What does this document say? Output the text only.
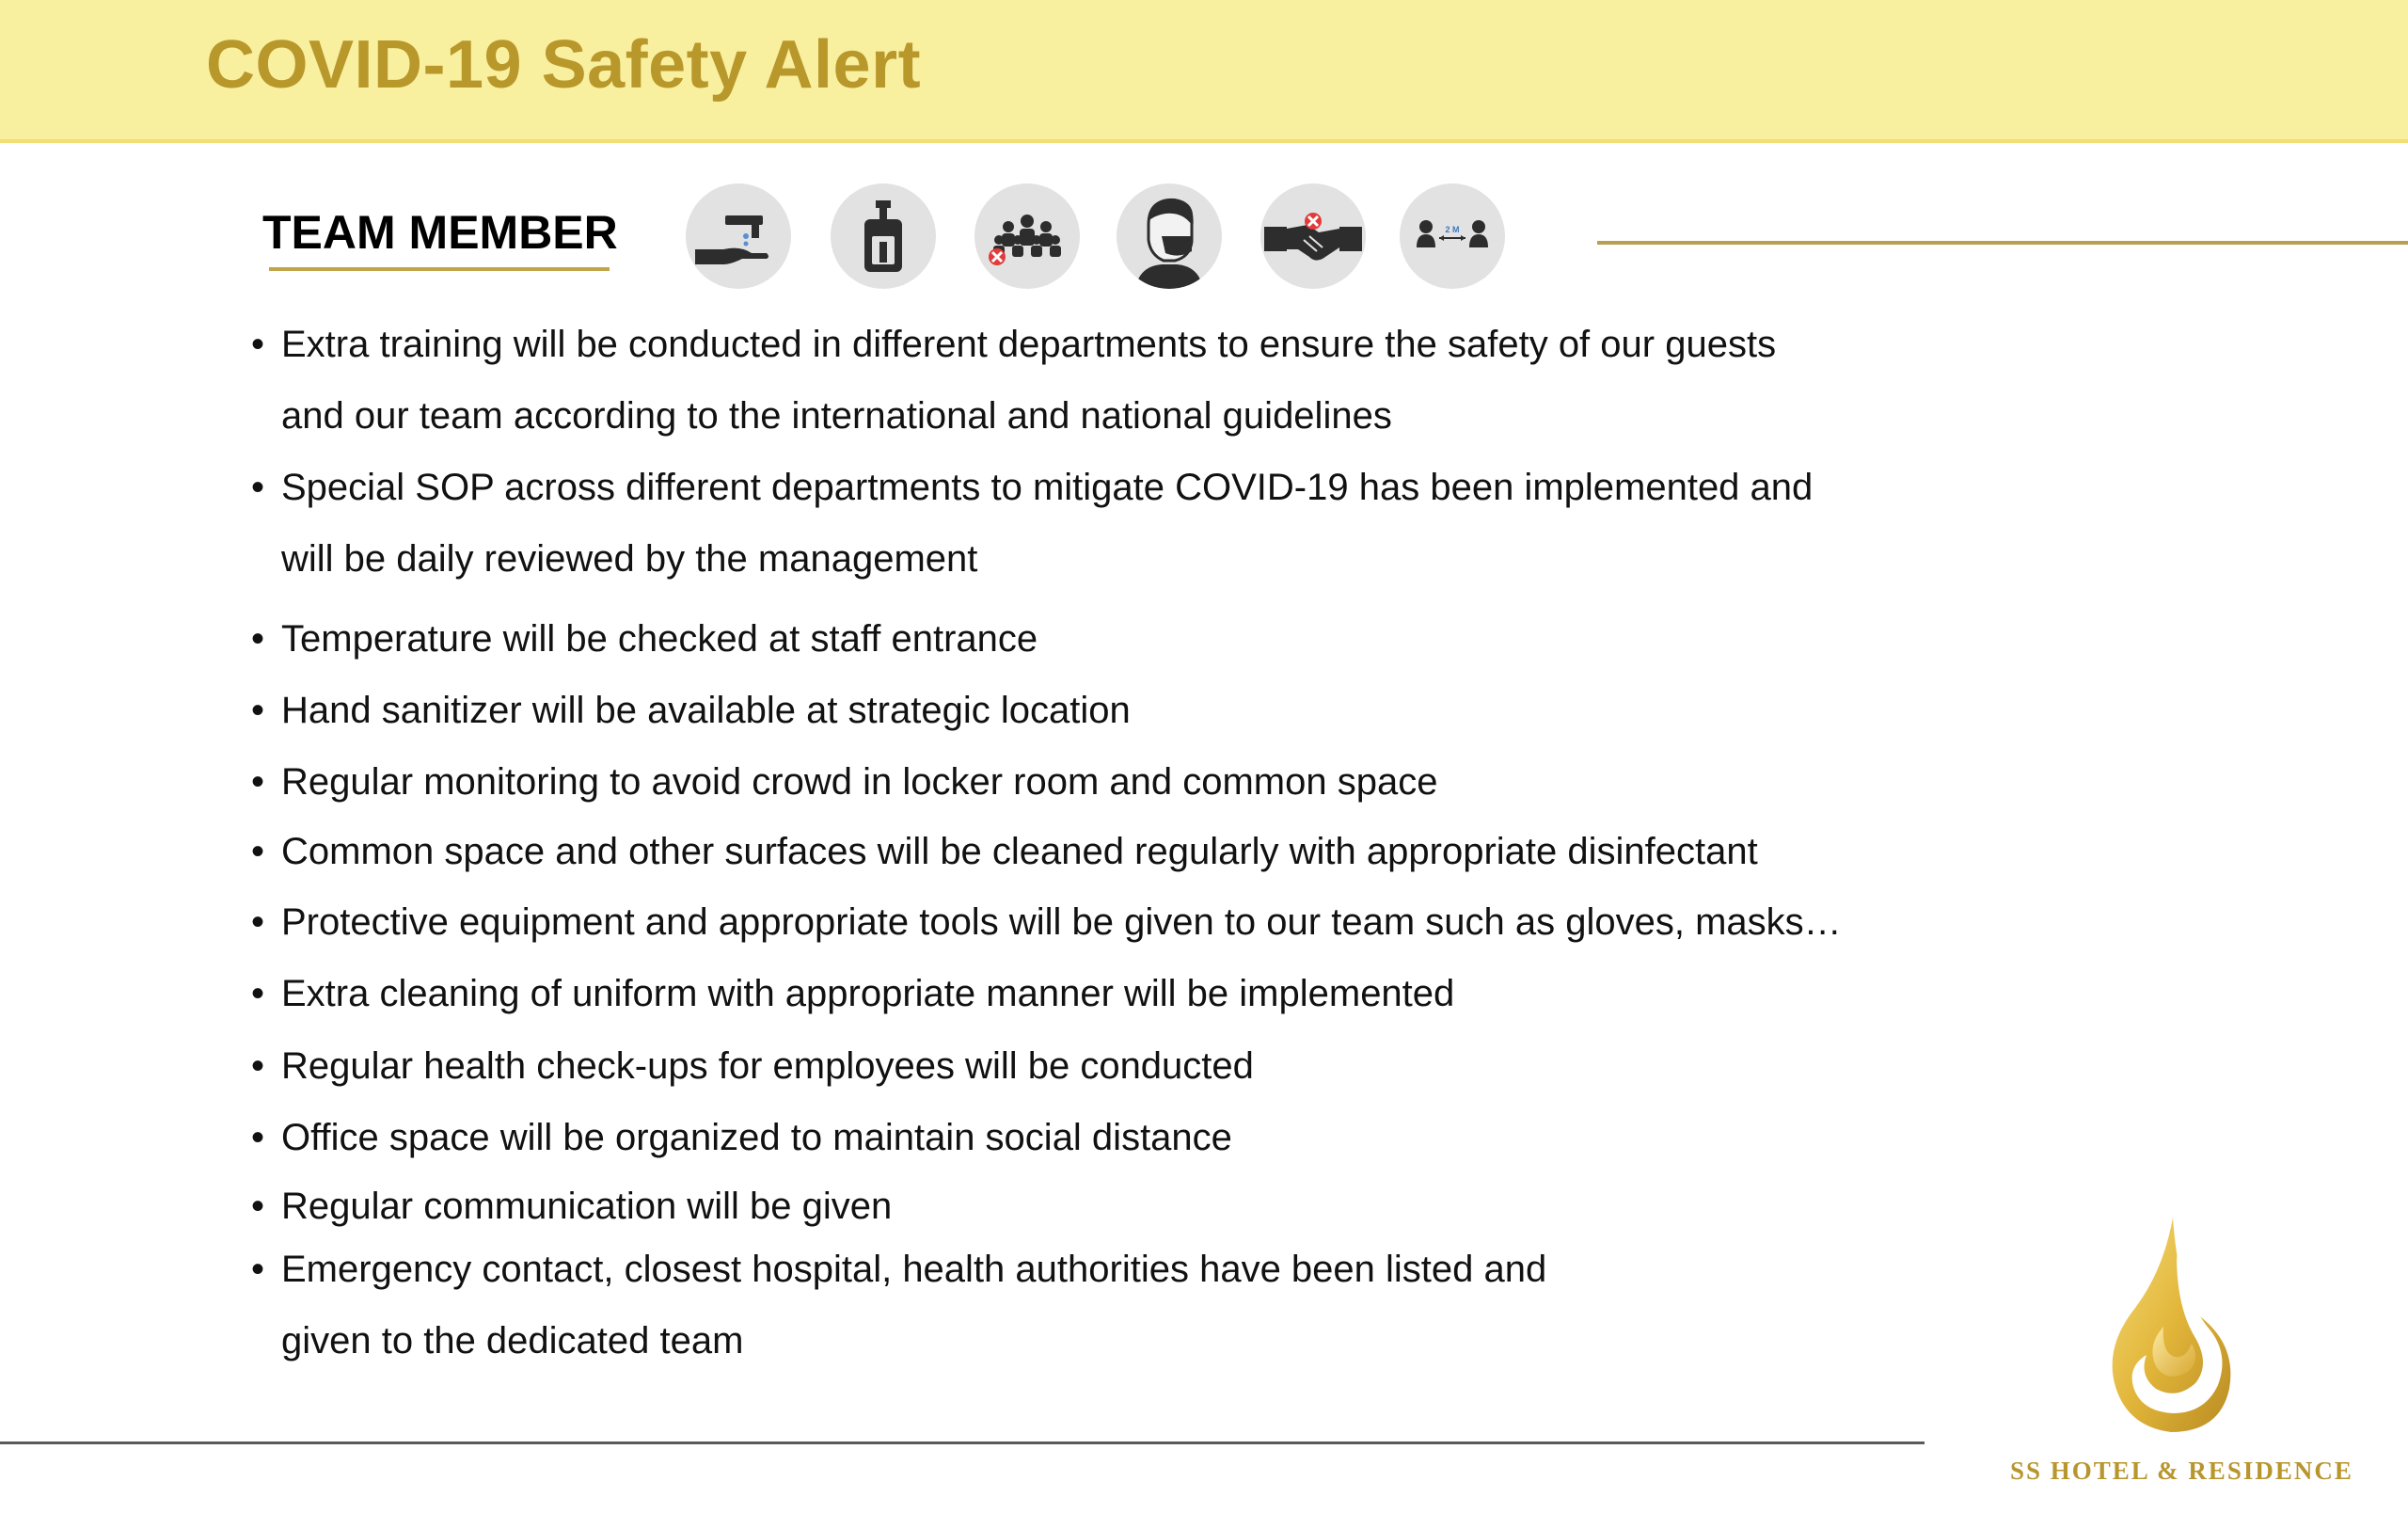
COVID-19 Safety Alert
TEAM MEMBER	2 M
• Extra training will be conducted in different departments to ensure the safety of our guests
and our team according to the international and national guidelines
• Special SOP across different departments to mitigate COVID-19 has been implemented and
will be daily reviewed by the management
• Temperature will be checked at staff entrance
• Hand sanitizer will be available at strategic location
• Regular monitoring to avoid crowd in locker room and common space
• Common space and other surfaces will be cleaned regularly with appropriate disinfectant
• Protective equipment and appropriate tools will be given to our team such as gloves, masks…
• Extra cleaning of uniform with appropriate manner will be implemented
• Regular health check-ups for employees will be conducted
• Office space will be organized to maintain social distance
• Regular communication will be given
• Emergency contact, closest hospital, health authorities have been listed and
given to the dedicated team
SS HOTEL & RESIDENCE
